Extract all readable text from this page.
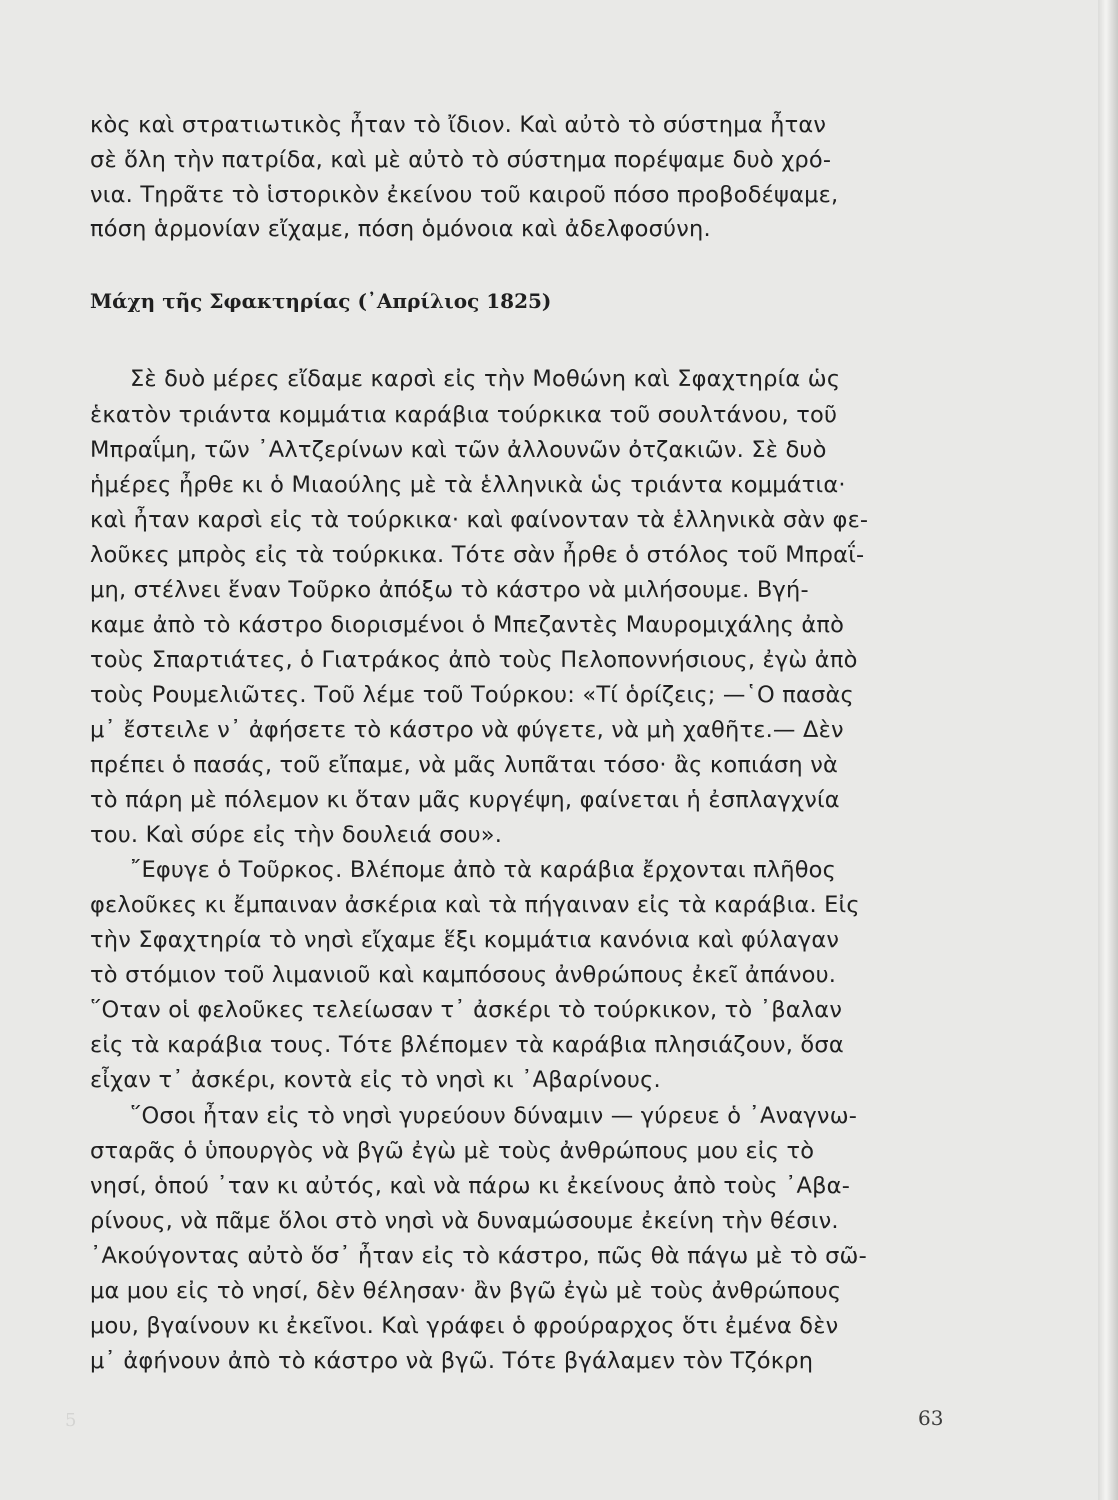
κὸς καὶ στρατιωτικὸς ἦταν τὸ ἴδιον. Καὶ αὐτὸ τὸ σύστημα ἦταν

σὲ ὅλη τὴν πατρίδα, καὶ μὲ αὐτὸ τὸ σύστημα πορέψαμε δυὸ χρό-

νια. Τηρᾶτε τὸ ἱστορικὸν ἐκείνου τοῦ καιροῦ πόσο προβοδέψαμε,

πόση ἁρμονίαν εἴχαμε, πόση ὁμόνοια καὶ ἀδελφοσύνη.

Μάχη τῆς Σφακτηρίας (᾿Απρίλιος 1825)

Σὲ δυὸ μέρες εἴδαμε καρσὶ εἰς τὴν Μοθώνη καὶ Σφαχτηρία ὡς

ἑκατὸν τριάντα κομμάτια καράβια τούρκικα τοῦ σουλτάνου, τοῦ

Μπραΐμη, τῶν ᾿Αλτζερίνων καὶ τῶν ἀλλουνῶν ὀτζακιῶν. Σὲ δυὸ

ἡμέρες ἦρθε κι ὁ Μιαούλης μὲ τὰ ἑλληνικὰ ὡς τριάντα κομμάτια·

καὶ ἦταν καρσὶ εἰς τὰ τούρκικα· καὶ φαίνονταν τὰ ἑλληνικὰ σὰν φε-

λοῦκες μπρὸς εἰς τὰ τούρκικα. Τότε σὰν ἦρθε ὁ στόλος τοῦ Μπραΐ-

μη, στέλνει ἕναν Τοῦρκο ἀπόξω τὸ κάστρο νὰ μιλήσουμε. Βγή-

καμε ἀπὸ τὸ κάστρο διορισμένοι ὁ Μπεζαντὲς Μαυρομιχάλης ἀπὸ

τοὺς Σπαρτιάτες, ὁ Γιατράκος ἀπὸ τοὺς Πελοποννήσιους, ἐγὼ ἀπὸ

τοὺς Ρουμελιῶτες. Τοῦ λέμε τοῦ Τούρκου: «Τί ὁρίζεις; —῾Ο πασὰς

μ᾿ ἔστειλε ν᾿ ἀφήσετε τὸ κάστρο νὰ φύγετε, νὰ μὴ χαθῆτε.— Δὲν

πρέπει ὁ πασάς, τοῦ εἴπαμε, νὰ μᾶς λυπᾶται τόσο· ἂς κοπιάση νὰ

τὸ πάρη μὲ πόλεμον κι ὅταν μᾶς κυργέψη, φαίνεται ἡ ἐσπλαγχνία

του. Καὶ σύρε εἰς τὴν δουλειά σου».

῎Εφυγε ὁ Τοῦρκος. Βλέπομε ἀπὸ τὰ καράβια ἔρχονται πλῆθος

φελοῦκες κι ἔμπαιναν ἀσκέρια καὶ τὰ πήγαιναν εἰς τὰ καράβια. Εἰς

τὴν Σφαχτηρία τὸ νησὶ εἴχαμε ἕξι κομμάτια κανόνια καὶ φύλαγαν

τὸ στόμιον τοῦ λιμανιοῦ καὶ καμπόσους ἀνθρώπους ἐκεῖ ἀπάνου.

῞Οταν οἱ φελοῦκες τελείωσαν τ᾿ ἀσκέρι τὸ τούρκικον, τὸ ᾿βαλαν

εἰς τὰ καράβια τους. Τότε βλέπομεν τὰ καράβια πλησιάζουν, ὅσα

εἶχαν τ᾿ ἀσκέρι, κοντὰ εἰς τὸ νησὶ κι ᾿Αβαρίνους.

῞Οσοι ἦταν εἰς τὸ νησὶ γυρεύουν δύναμιν — γύρευε ὁ ᾿Αναγνω-

σταρᾶς ὁ ὑπουργὸς νὰ βγῶ ἐγὼ μὲ τοὺς ἀνθρώπους μου εἰς τὸ

νησί, ὁπού ᾿ταν κι αὐτός, καὶ νὰ πάρω κι ἐκείνους ἀπὸ τοὺς ᾿Αβα-

ρίνους, νὰ πᾶμε ὅλοι στὸ νησὶ νὰ δυναμώσουμε ἐκείνη τὴν θέσιν.

᾿Ακούγοντας αὐτὸ ὅσ᾿ ἦταν εἰς τὸ κάστρο, πῶς θὰ πάγω μὲ τὸ σῶ-

μα μου εἰς τὸ νησί, δὲν θέλησαν· ἂν βγῶ ἐγὼ μὲ τοὺς ἀνθρώπους

μου, βγαίνουν κι ἐκεῖνοι. Καὶ γράφει ὁ φρούραρχος ὅτι ἐμένα δὲν

μ᾿ ἀφήνουν ἀπὸ τὸ κάστρο νὰ βγῶ. Τότε βγάλαμεν τὸν Τζόκρη

5	63
